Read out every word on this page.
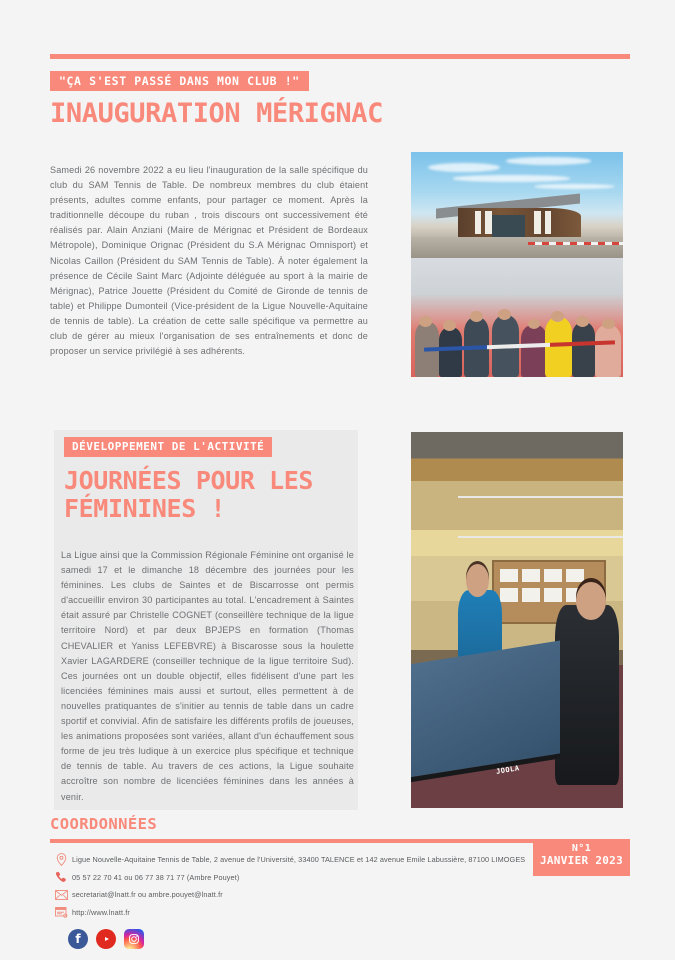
"ÇA S'EST PASSÉ DANS MON CLUB !"
INAUGURATION MÉRIGNAC
Samedi 26 novembre 2022 a eu lieu l'inauguration de la salle spécifique du club du SAM Tennis de Table. De nombreux membres du club étaient présents, adultes comme enfants, pour partager ce moment. Après la traditionnelle découpe du ruban , trois discours ont successivement été réalisés par. Alain Anziani (Maire de Mérignac et Président de Bordeaux Métropole), Dominique Orignac (Président du S.A Mérignac Omnisport) et Nicolas Caillon (Président du SAM Tennis de Table). À noter également la présence de Cécile Saint Marc (Adjointe déléguée au sport à la mairie de Mérignac), Patrice Jouette (Président du Comité de Gironde de tennis de table) et Philippe Dumonteil (Vice-président de la Ligue Nouvelle-Aquitaine de tennis de table). La création de cette salle spécifique va permettre au club de gérer au mieux l'organisation de ses entraînements et donc de proposer un service privilégié à ses adhérents.
DÉVELOPPEMENT DE L'ACTIVITÉ
JOURNÉES POUR LES
FÉMININES !
La Ligue ainsi que la Commission Régionale Féminine ont organisé le samedi 17 et le dimanche 18 décembre des journées pour les féminines. Les clubs de Saintes et de Biscarrosse ont permis d'accueillir environ 30 participantes au total. L'encadrement à Saintes était assuré par Christelle COGNET (conseillère technique de la ligue territoire Nord) et par deux BPJEPS en formation (Thomas CHEVALIER et Yaniss LEFEBVRE) à Biscarosse sous la houlette Xavier LAGARDERE (conseiller technique de la ligue territoire Sud). Ces journées ont un double objectif, elles fidélisent d'une part les licenciées féminines mais aussi et surtout, elles permettent à de nouvelles pratiquantes de s'initier au tennis de table dans un cadre sportif et convivial. Afin de satisfaire les différents profils de joueuses, les animations proposées sont variées, allant d'un échauffement sous forme de jeu très ludique à un exercice plus spécifique et technique de tennis de table. Au travers de ces actions, la Ligue souhaite accroître son nombre de licenciées féminines dans les années à venir.
JOOLA
COORDONNÉES
N°1
JANVIER 2023
Ligue Nouvelle-Aquitaine Tennis de Table, 2 avenue de l'Université, 33400 TALENCE et 142 avenue Emile Labussière, 87100 LIMOGES
05 57 22 70 41 ou 06 77 38 71 77 (Ambre Pouyet)
secretariat@lnatt.fr ou ambre.pouyet@lnatt.fr
http://www.lnatt.fr
f
